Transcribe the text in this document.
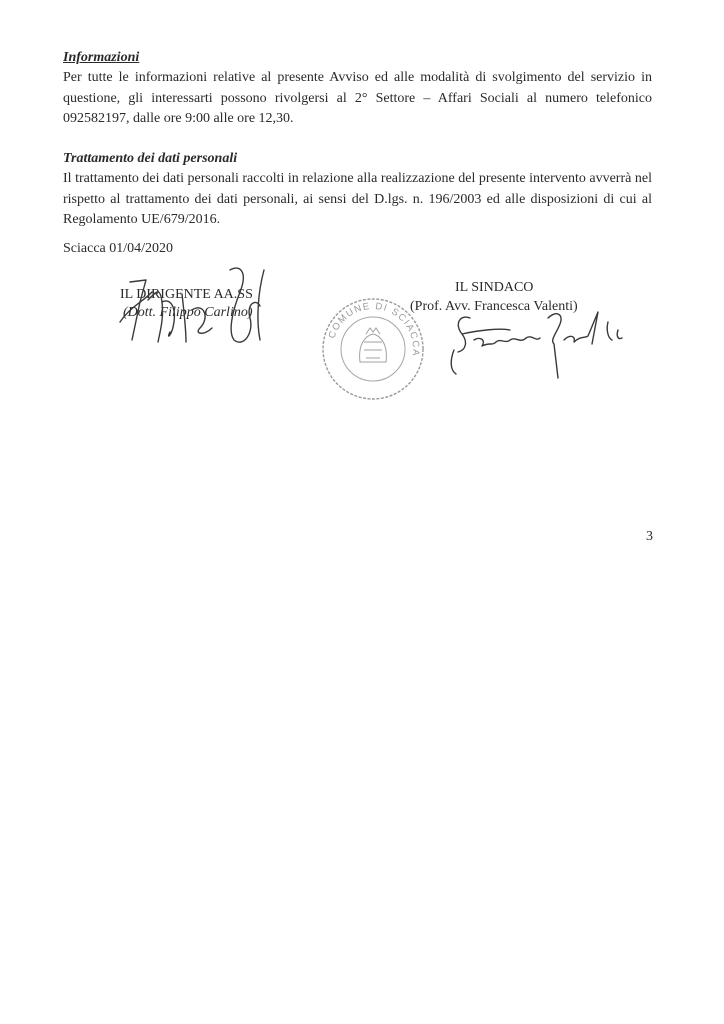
Informazioni

Per tutte le informazioni relative al presente Avviso ed alle modalità di svolgimento del servizio in questione, gli interessarti possono rivolgersi al 2° Settore – Affari Sociali al numero telefonico 092582197, dalle ore 9:00 alle ore 12,30.

Trattamento dei dati personali

Il trattamento dei dati personali raccolti in relazione alla realizzazione del presente intervento avverrà nel rispetto al trattamento dei dati personali, ai sensi del D.lgs. n. 196/2003 ed alle disposizioni di cui al Regolamento UE/679/2016.

Sciacca 01/04/2020
IL DIRIGENTE AA.SS
(Dott. Filippo Carlino)
IL SINDACO
(Prof. Avv. Francesca Valenti)
COMUNE DI SCIACCA
3
